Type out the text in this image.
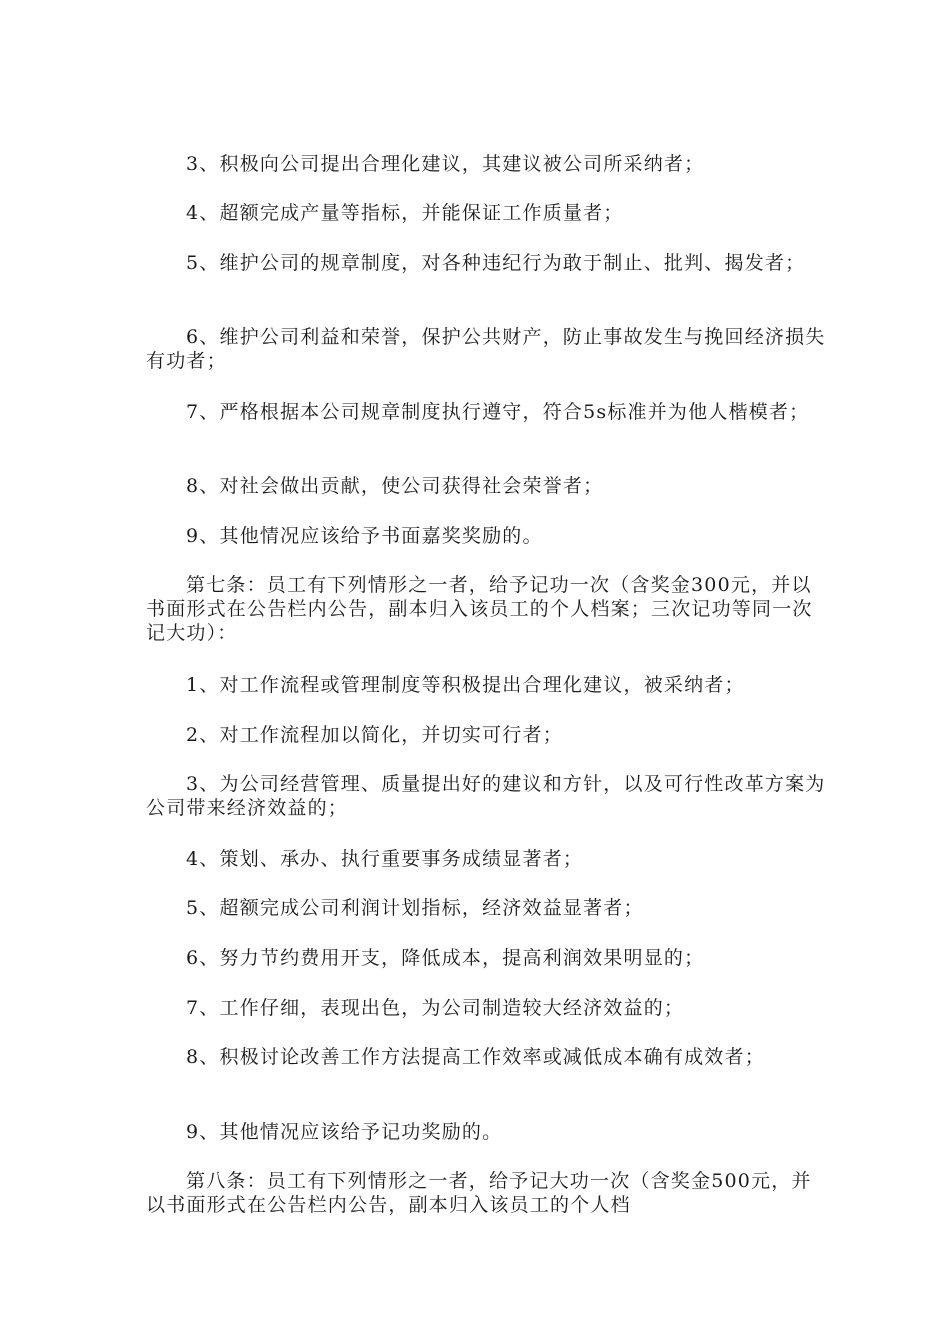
3、积极向公司提出合理化建议，其建议被公司所采纳者；

4、超额完成产量等指标，并能保证工作质量者；

5、维护公司的规章制度，对各种违纪行为敢于制止、批判、揭发者；

6、维护公司利益和荣誉，保护公共财产，防止事故发生与挽回经济损失有功者；

7、严格根据本公司规章制度执行遵守，符合5s标准并为他人楷模者；

8、对社会做出贡献，使公司获得社会荣誉者；

9、其他情况应该给予书面嘉奖奖励的。

第七条：员工有下列情形之一者，给予记功一次（含奖金300元，并以书面形式在公告栏内公告，副本归入该员工的个人档案；三次记功等同一次记大功）：

1、对工作流程或管理制度等积极提出合理化建议，被采纳者；

2、对工作流程加以简化，并切实可行者；

3、为公司经营管理、质量提出好的建议和方针，以及可行性改革方案为公司带来经济效益的；

4、策划、承办、执行重要事务成绩显著者；

5、超额完成公司利润计划指标，经济效益显著者；

6、努力节约费用开支，降低成本，提高利润效果明显的；

7、工作仔细，表现出色，为公司制造较大经济效益的；

8、积极讨论改善工作方法提高工作效率或减低成本确有成效者；

9、其他情况应该给予记功奖励的。

第八条：员工有下列情形之一者，给予记大功一次（含奖金500元，并以书面形式在公告栏内公告，副本归入该员工的个人档
